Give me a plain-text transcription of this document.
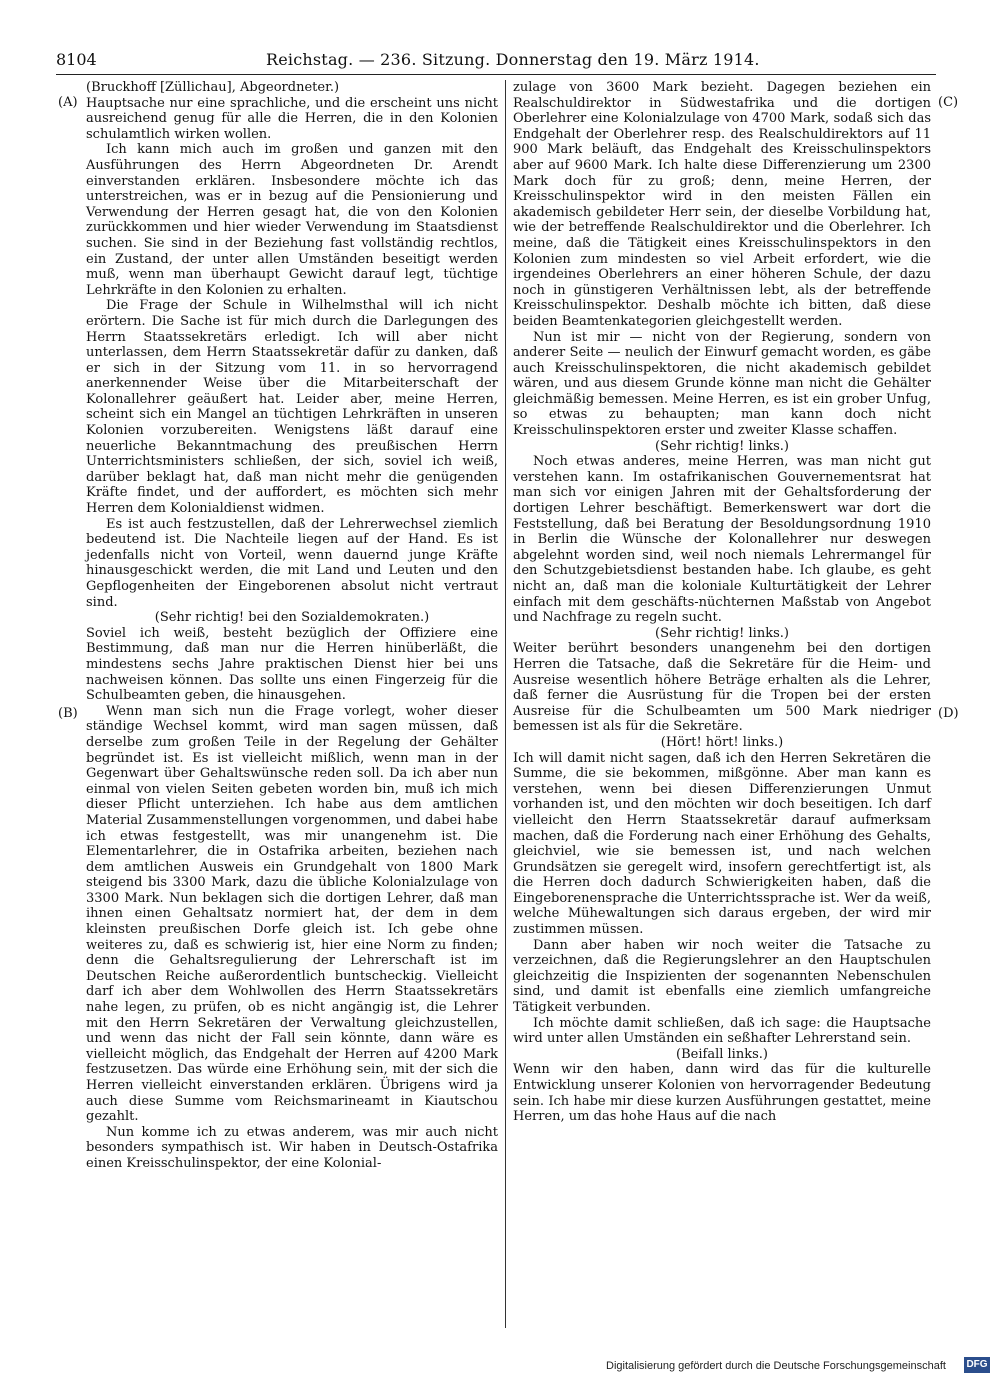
8104	Reichstag. — 236. Sitzung. Donnerstag den 19. März 1914.
(A)
(B)
(C)
(D)

(Bruckhoff [Züllichau], Abgeordneter.)

Hauptsache nur eine sprachliche, und die erscheint uns nicht ausreichend genug für alle die Herren, die in den Kolonien schulamtlich wirken wollen.

Ich kann mich auch im großen und ganzen mit den Ausführungen des Herrn Abgeordneten Dr. Arendt einverstanden erklären. Insbesondere möchte ich das unterstreichen, was er in bezug auf die Pensionierung und Verwendung der Herren gesagt hat, die von den Kolonien zurückkommen und hier wieder Verwendung im Staatsdienst suchen. Sie sind in der Beziehung fast vollständig rechtlos, ein Zustand, der unter allen Umständen beseitigt werden muß, wenn man überhaupt Gewicht darauf legt, tüchtige Lehrkräfte in den Kolonien zu erhalten.

Die Frage der Schule in Wilhelmsthal will ich nicht erörtern. Die Sache ist für mich durch die Darlegungen des Herrn Staatssekretärs erledigt. Ich will aber nicht unterlassen, dem Herrn Staatssekretär dafür zu danken, daß er sich in der Sitzung vom 11. in so hervorragend anerkennender Weise über die Mitarbeiterschaft der Kolonallehrer geäußert hat. Leider aber, meine Herren, scheint sich ein Mangel an tüchtigen Lehrkräften in unseren Kolonien vorzubereiten. Wenigstens läßt darauf eine neuerliche Bekanntmachung des preußischen Herrn Unterrichtsministers schließen, der sich, soviel ich weiß, darüber beklagt hat, daß man nicht mehr die genügenden Kräfte findet, und der auffordert, es möchten sich mehr Herren dem Kolonialdienst widmen.

Es ist auch festzustellen, daß der Lehrerwechsel ziemlich bedeutend ist. Die Nachteile liegen auf der Hand. Es ist jedenfalls nicht von Vorteil, wenn dauernd junge Kräfte hinausgeschickt werden, die mit Land und Leuten und den Gepflogenheiten der Eingeborenen absolut nicht vertraut sind.

(Sehr richtig! bei den Sozialdemokraten.)

Soviel ich weiß, besteht bezüglich der Offiziere eine Bestimmung, daß man nur die Herren hinüberläßt, die mindestens sechs Jahre praktischen Dienst hier bei uns nachweisen können. Das sollte uns einen Fingerzeig für die Schulbeamten geben, die hinausgehen.

Wenn man sich nun die Frage vorlegt, woher dieser ständige Wechsel kommt, wird man sagen müssen, daß derselbe zum großen Teile in der Regelung der Gehälter begründet ist. Es ist vielleicht mißlich, wenn man in der Gegenwart über Gehaltswünsche reden soll. Da ich aber nun einmal von vielen Seiten gebeten worden bin, muß ich mich dieser Pflicht unterziehen. Ich habe aus dem amtlichen Material Zusammenstellungen vorgenommen, und dabei habe ich etwas festgestellt, was mir unangenehm ist. Die Elementarlehrer, die in Ostafrika arbeiten, beziehen nach dem amtlichen Ausweis ein Grundgehalt von 1800 Mark steigend bis 3300 Mark, dazu die übliche Kolonialzulage von 3300 Mark. Nun beklagen sich die dortigen Lehrer, daß man ihnen einen Gehaltsatz normiert hat, der dem in dem kleinsten preußischen Dorfe gleich ist. Ich gebe ohne weiteres zu, daß es schwierig ist, hier eine Norm zu finden; denn die Gehaltsregulierung der Lehrerschaft ist im Deutschen Reiche außerordentlich buntscheckig. Vielleicht darf ich aber dem Wohlwollen des Herrn Staatssekretärs nahe legen, zu prüfen, ob es nicht angängig ist, die Lehrer mit den Herrn Sekretären der Verwaltung gleichzustellen, und wenn das nicht der Fall sein könnte, dann wäre es vielleicht möglich, das Endgehalt der Herren auf 4200 Mark festzusetzen. Das würde eine Erhöhung sein, mit der sich die Herren vielleicht einverstanden erklären. Übrigens wird ja auch diese Summe vom Reichsmarineamt in Kiautschou gezahlt.

Nun komme ich zu etwas anderem, was mir auch nicht besonders sympathisch ist. Wir haben in Deutsch-Ostafrika einen Kreisschulinspektor, der eine Kolonial-

zulage von 3600 Mark bezieht. Dagegen beziehen ein Realschuldirektor in Südwestafrika und die dortigen Oberlehrer eine Kolonialzulage von 4700 Mark, sodaß sich das Endgehalt der Oberlehrer resp. des Realschuldirektors auf 11 900 Mark beläuft, das Endgehalt des Kreisschulinspektors aber auf 9600 Mark. Ich halte diese Differenzierung um 2300 Mark doch für zu groß; denn, meine Herren, der Kreisschulinspektor wird in den meisten Fällen ein akademisch gebildeter Herr sein, der dieselbe Vorbildung hat, wie der betreffende Realschuldirektor und die Oberlehrer. Ich meine, daß die Tätigkeit eines Kreisschulinspektors in den Kolonien zum mindesten so viel Arbeit erfordert, wie die irgendeines Oberlehrers an einer höheren Schule, der dazu noch in günstigeren Verhältnissen lebt, als der betreffende Kreisschulinspektor. Deshalb möchte ich bitten, daß diese beiden Beamtenkategorien gleichgestellt werden.

Nun ist mir — nicht von der Regierung, sondern von anderer Seite — neulich der Einwurf gemacht worden, es gäbe auch Kreisschulinspektoren, die nicht akademisch gebildet wären, und aus diesem Grunde könne man nicht die Gehälter gleichmäßig bemessen. Meine Herren, es ist ein grober Unfug, so etwas zu behaupten; man kann doch nicht Kreisschulinspektoren erster und zweiter Klasse schaffen.

(Sehr richtig! links.)

Noch etwas anderes, meine Herren, was man nicht gut verstehen kann. Im ostafrikanischen Gouvernementsrat hat man sich vor einigen Jahren mit der Gehaltsforderung der dortigen Lehrer beschäftigt. Bemerkenswert war dort die Feststellung, daß bei Beratung der Besoldungsordnung 1910 in Berlin die Wünsche der Kolonallehrer nur deswegen abgelehnt worden sind, weil noch niemals Lehrermangel für den Schutzgebietsdienst bestanden habe. Ich glaube, es geht nicht an, daß man die koloniale Kulturtätigkeit der Lehrer einfach mit dem geschäfts-nüchternen Maßstab von Angebot und Nachfrage zu regeln sucht.

(Sehr richtig! links.)

Weiter berührt besonders unangenehm bei den dortigen Herren die Tatsache, daß die Sekretäre für die Heim- und Ausreise wesentlich höhere Beträge erhalten als die Lehrer, daß ferner die Ausrüstung für die Tropen bei der ersten Ausreise für die Schulbeamten um 500 Mark niedriger bemessen ist als für die Sekretäre.

(Hört! hört! links.)

Ich will damit nicht sagen, daß ich den Herren Sekretären die Summe, die sie bekommen, mißgönne. Aber man kann es verstehen, wenn bei diesen Differenzierungen Unmut vorhanden ist, und den möchten wir doch beseitigen. Ich darf vielleicht den Herrn Staatssekretär darauf aufmerksam machen, daß die Forderung nach einer Erhöhung des Gehalts, gleichviel, wie sie bemessen ist, und nach welchen Grundsätzen sie geregelt wird, insofern gerechtfertigt ist, als die Herren doch dadurch Schwierigkeiten haben, daß die Eingeborenensprache die Unterrichtssprache ist. Wer da weiß, welche Mühewaltungen sich daraus ergeben, der wird mir zustimmen müssen.

Dann aber haben wir noch weiter die Tatsache zu verzeichnen, daß die Regierungslehrer an den Hauptschulen gleichzeitig die Inspizienten der sogenannten Nebenschulen sind, und damit ist ebenfalls eine ziemlich umfangreiche Tätigkeit verbunden.

Ich möchte damit schließen, daß ich sage: die Hauptsache wird unter allen Umständen ein seßhafter Lehrerstand sein.

(Beifall links.)

Wenn wir den haben, dann wird das für die kulturelle Entwicklung unserer Kolonien von hervorragender Bedeutung sein. Ich habe mir diese kurzen Ausführungen gestattet, meine Herren, um das hohe Haus auf die nach

Digitalisierung gefördert durch die Deutsche Forschungsgemeinschaft DFG
